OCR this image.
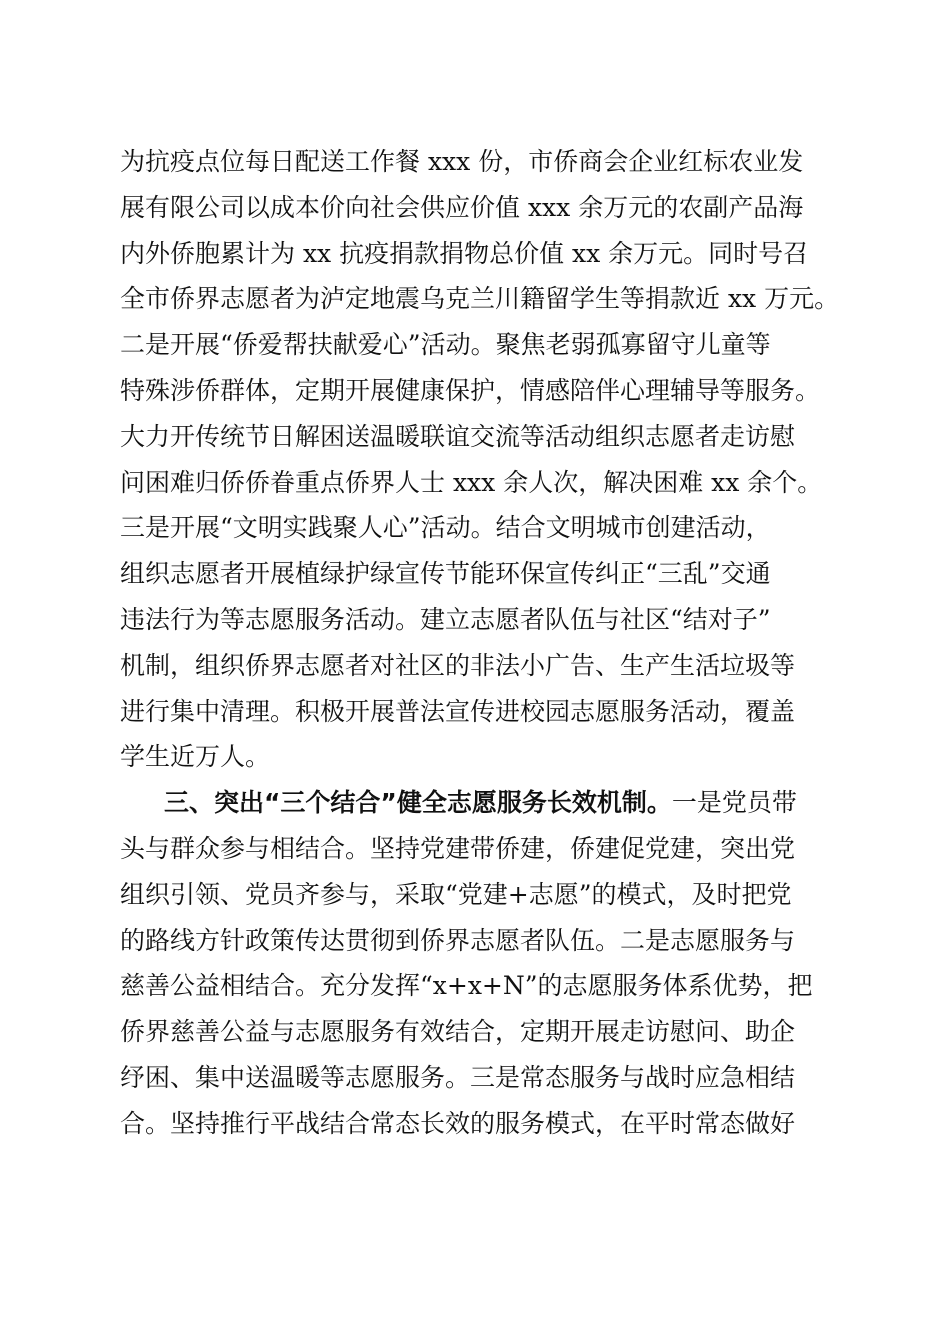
为抗疫点位每日配送工作餐 xxx 份，市侨商会企业红标农业发
展有限公司以成本价向社会供应价值 xxx 余万元的农副产品海
内外侨胞累计为 xx 抗疫捐款捐物总价值 xx 余万元。同时号召
全市侨界志愿者为泸定地震乌克兰川籍留学生等捐款近 xx 万元。
二是开展“侨爱帮扶献爱心”活动。聚焦老弱孤寡留守儿童等
特殊涉侨群体，定期开展健康保护，情感陪伴心理辅导等服务。
大力开传统节日解困送温暖联谊交流等活动组织志愿者走访慰
问困难归侨侨眷重点侨界人士 xxx 余人次，解决困难 xx 余个。
三是开展“文明实践聚人心”活动。结合文明城市创建活动，
组织志愿者开展植绿护绿宣传节能环保宣传纠正“三乱”交通
违法行为等志愿服务活动。建立志愿者队伍与社区“结对子”
机制，组织侨界志愿者对社区的非法小广告、生产生活垃圾等
进行集中清理。积极开展普法宣传进校园志愿服务活动，覆盖
学生近万人。
三、突出“三个结合”健全志愿服务长效机制。一是党员带
头与群众参与相结合。坚持党建带侨建，侨建促党建，突出党
组织引领、党员齐参与，采取“党建+志愿”的模式，及时把党
的路线方针政策传达贯彻到侨界志愿者队伍。二是志愿服务与
慈善公益相结合。充分发挥“x+x+N”的志愿服务体系优势，把
侨界慈善公益与志愿服务有效结合，定期开展走访慰问、助企
纾困、集中送温暖等志愿服务。三是常态服务与战时应急相结
合。坚持推行平战结合常态长效的服务模式，在平时常态做好
